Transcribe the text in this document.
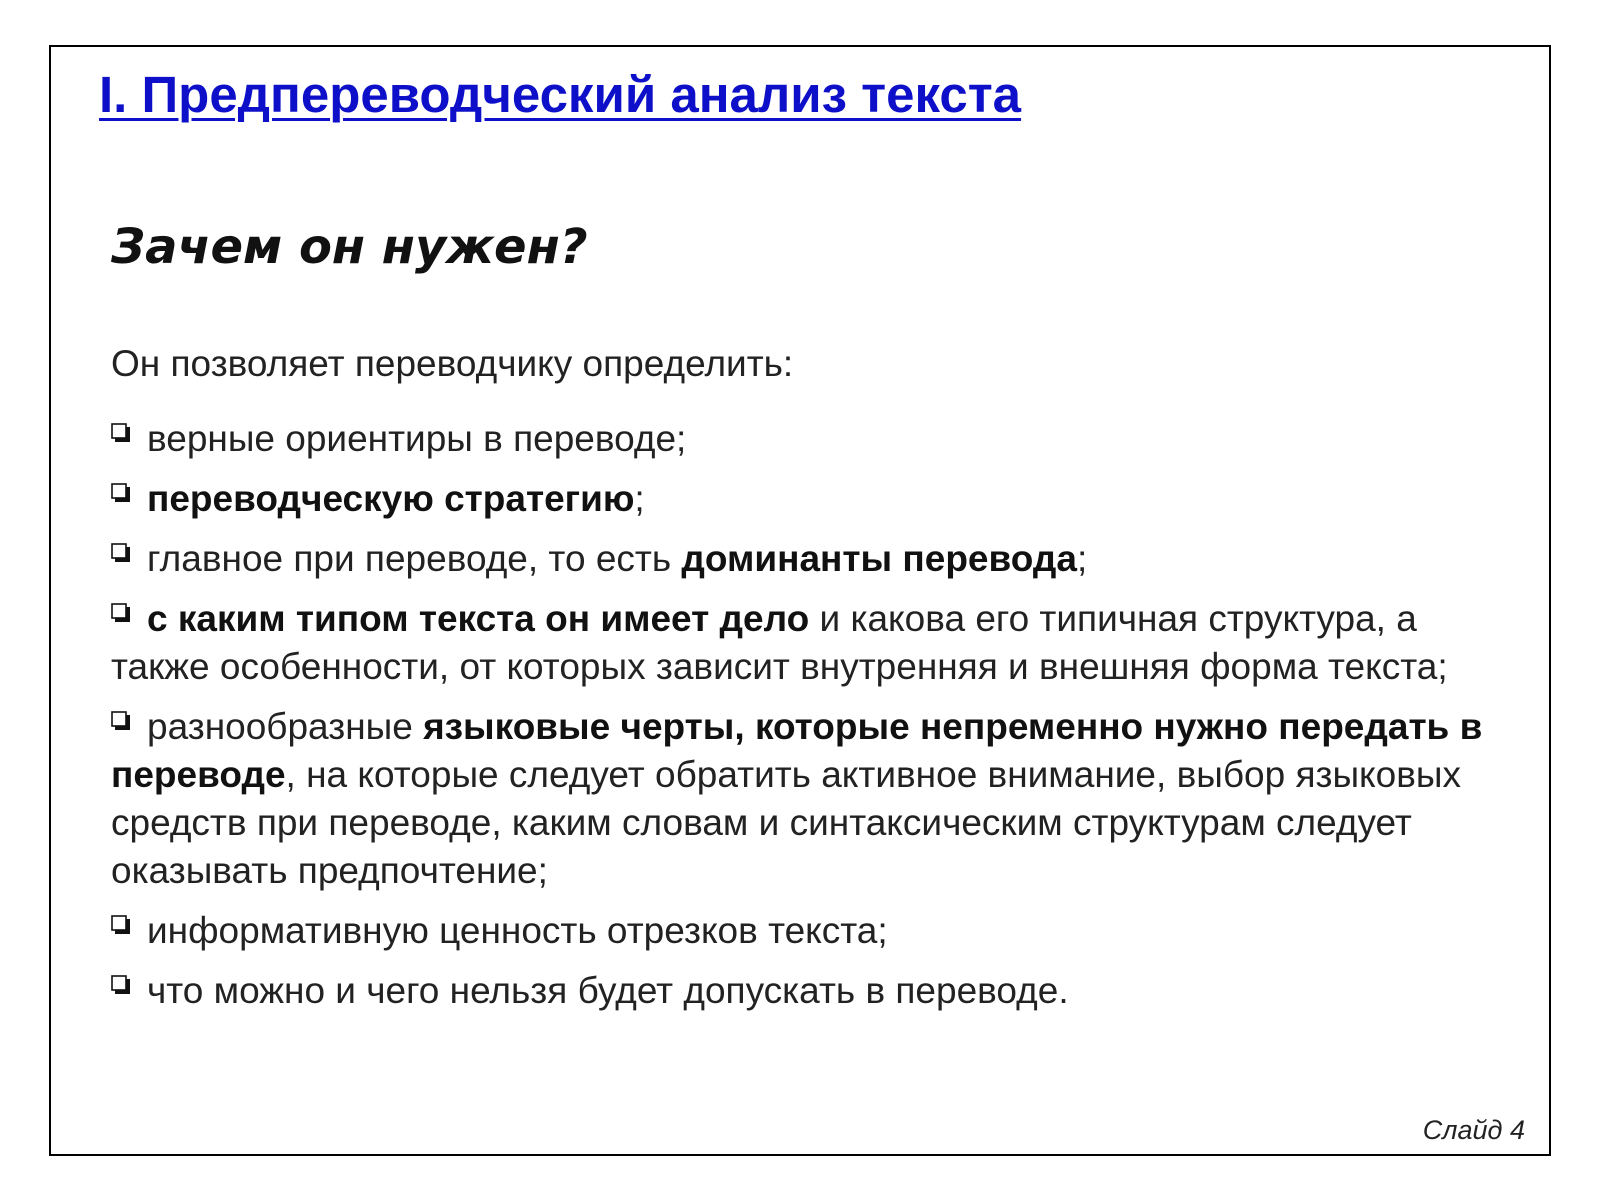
I. Предпереводческий анализ текста
Зачем он нужен?
Он позволяет переводчику определить:
верные ориентиры в переводе;
переводческую стратегию;
главное при переводе, то есть доминанты перевода;
с каким типом текста он имеет дело и какова его типичная структура, а также особенности, от которых зависит внутренняя и внешняя форма текста;
разнообразные языковые черты, которые непременно нужно передать в переводе, на которые следует обратить активное внимание, выбор языковых средств при переводе, каким словам и синтаксическим структурам следует оказывать предпочтение;
информативную ценность отрезков текста;
что можно и чего нельзя будет допускать в переводе.
Слайд 4
